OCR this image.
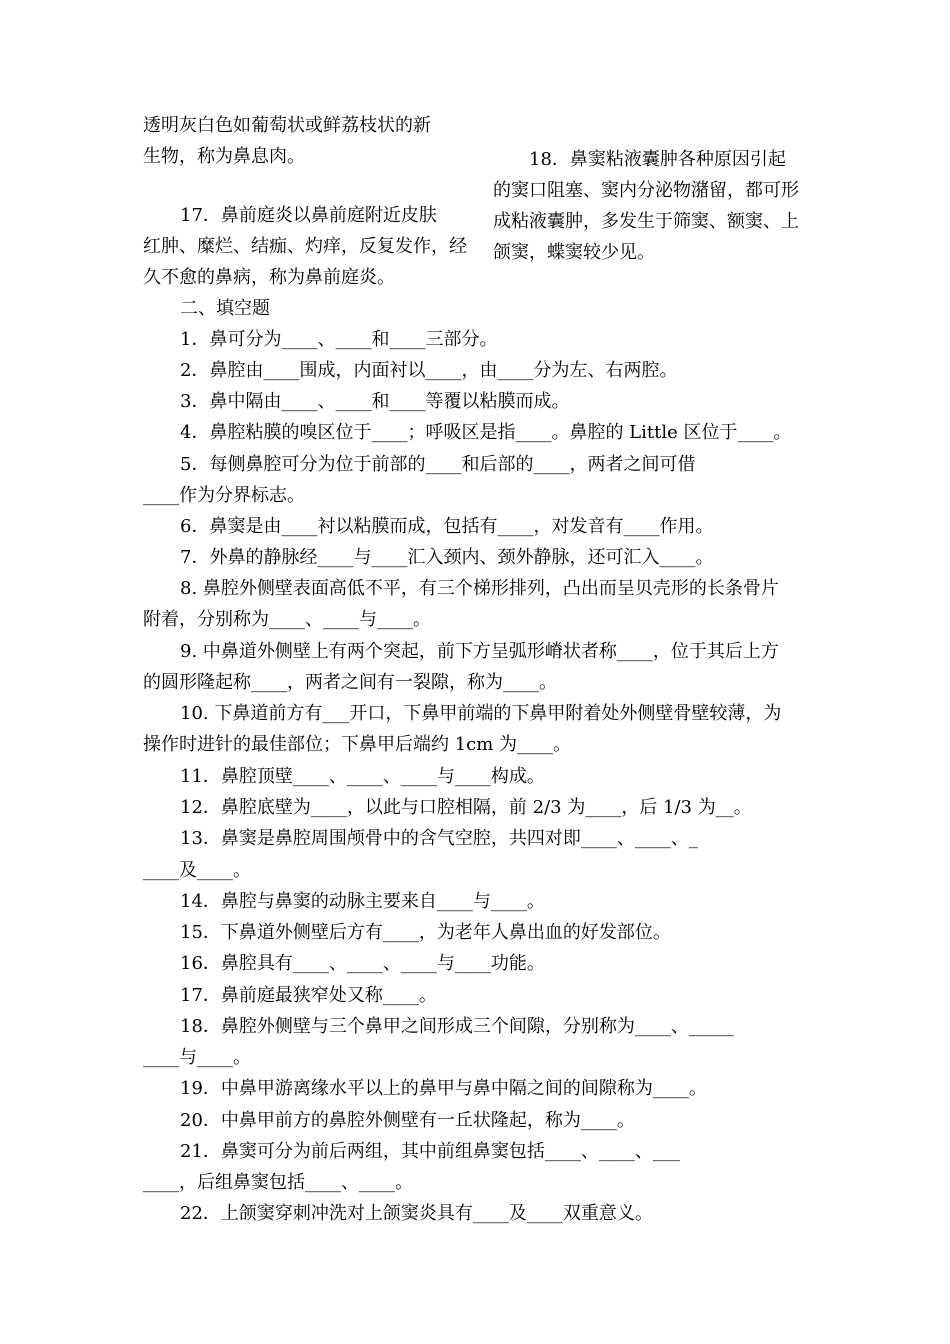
透明灰白色如葡萄状或鲜荔枝状的新
生物，称为鼻息肉。
17．鼻前庭炎以鼻前庭附近皮肤
红肿、糜烂、结痂、灼痒，反复发作，经
久不愈的鼻病，称为鼻前庭炎。
18．鼻窦粘液囊肿各种原因引起
的窦口阻塞、窦内分泌物潴留，都可形
成粘液囊肿，多发生于筛窦、额窦、上
颌窦，蝶窦较少见。
二、填空题
1．鼻可分为____、____和____三部分。
2．鼻腔由____围成，内面衬以____，由____分为左、右两腔。
3．鼻中隔由____、____和____等覆以粘膜而成。
4．鼻腔粘膜的嗅区位于____；呼吸区是指____。鼻腔的 Little 区位于____。
5．每侧鼻腔可分为位于前部的____和后部的____，两者之间可借
____作为分界标志。
6．鼻窦是由____衬以粘膜而成，包括有____，对发音有____作用。
7．外鼻的静脉经____与____汇入颈内、颈外静脉，还可汇入____。
8. 鼻腔外侧壁表面高低不平，有三个梯形排列，凸出而呈贝壳形的长条骨片
附着，分别称为____、____与____。
9. 中鼻道外侧壁上有两个突起，前下方呈弧形嵴状者称____，位于其后上方
的圆形隆起称____，两者之间有一裂隙，称为____。
10. 下鼻道前方有___开口，下鼻甲前端的下鼻甲附着处外侧壁骨壁较薄，为
操作时进针的最佳部位；下鼻甲后端约 1cm 为____。
11．鼻腔顶壁____、____、____与____构成。
12．鼻腔底壁为____，以此与口腔相隔，前 2/3 为____，后 1/3 为__。
13．鼻窦是鼻腔周围颅骨中的含气空腔，共四对即____、____、_
____及____。
14．鼻腔与鼻窦的动脉主要来自____与____。
15．下鼻道外侧壁后方有____，为老年人鼻出血的好发部位。
16．鼻腔具有____、____、____与____功能。
17．鼻前庭最狭窄处又称____。
18．鼻腔外侧壁与三个鼻甲之间形成三个间隙，分别称为____、_____
____与____。
19．中鼻甲游离缘水平以上的鼻甲与鼻中隔之间的间隙称为____。
20．中鼻甲前方的鼻腔外侧壁有一丘状隆起，称为____。
21．鼻窦可分为前后两组，其中前组鼻窦包括____、____、___
____，后组鼻窦包括____、____。
22．上颌窦穿刺冲洗对上颌窦炎具有____及____双重意义。
